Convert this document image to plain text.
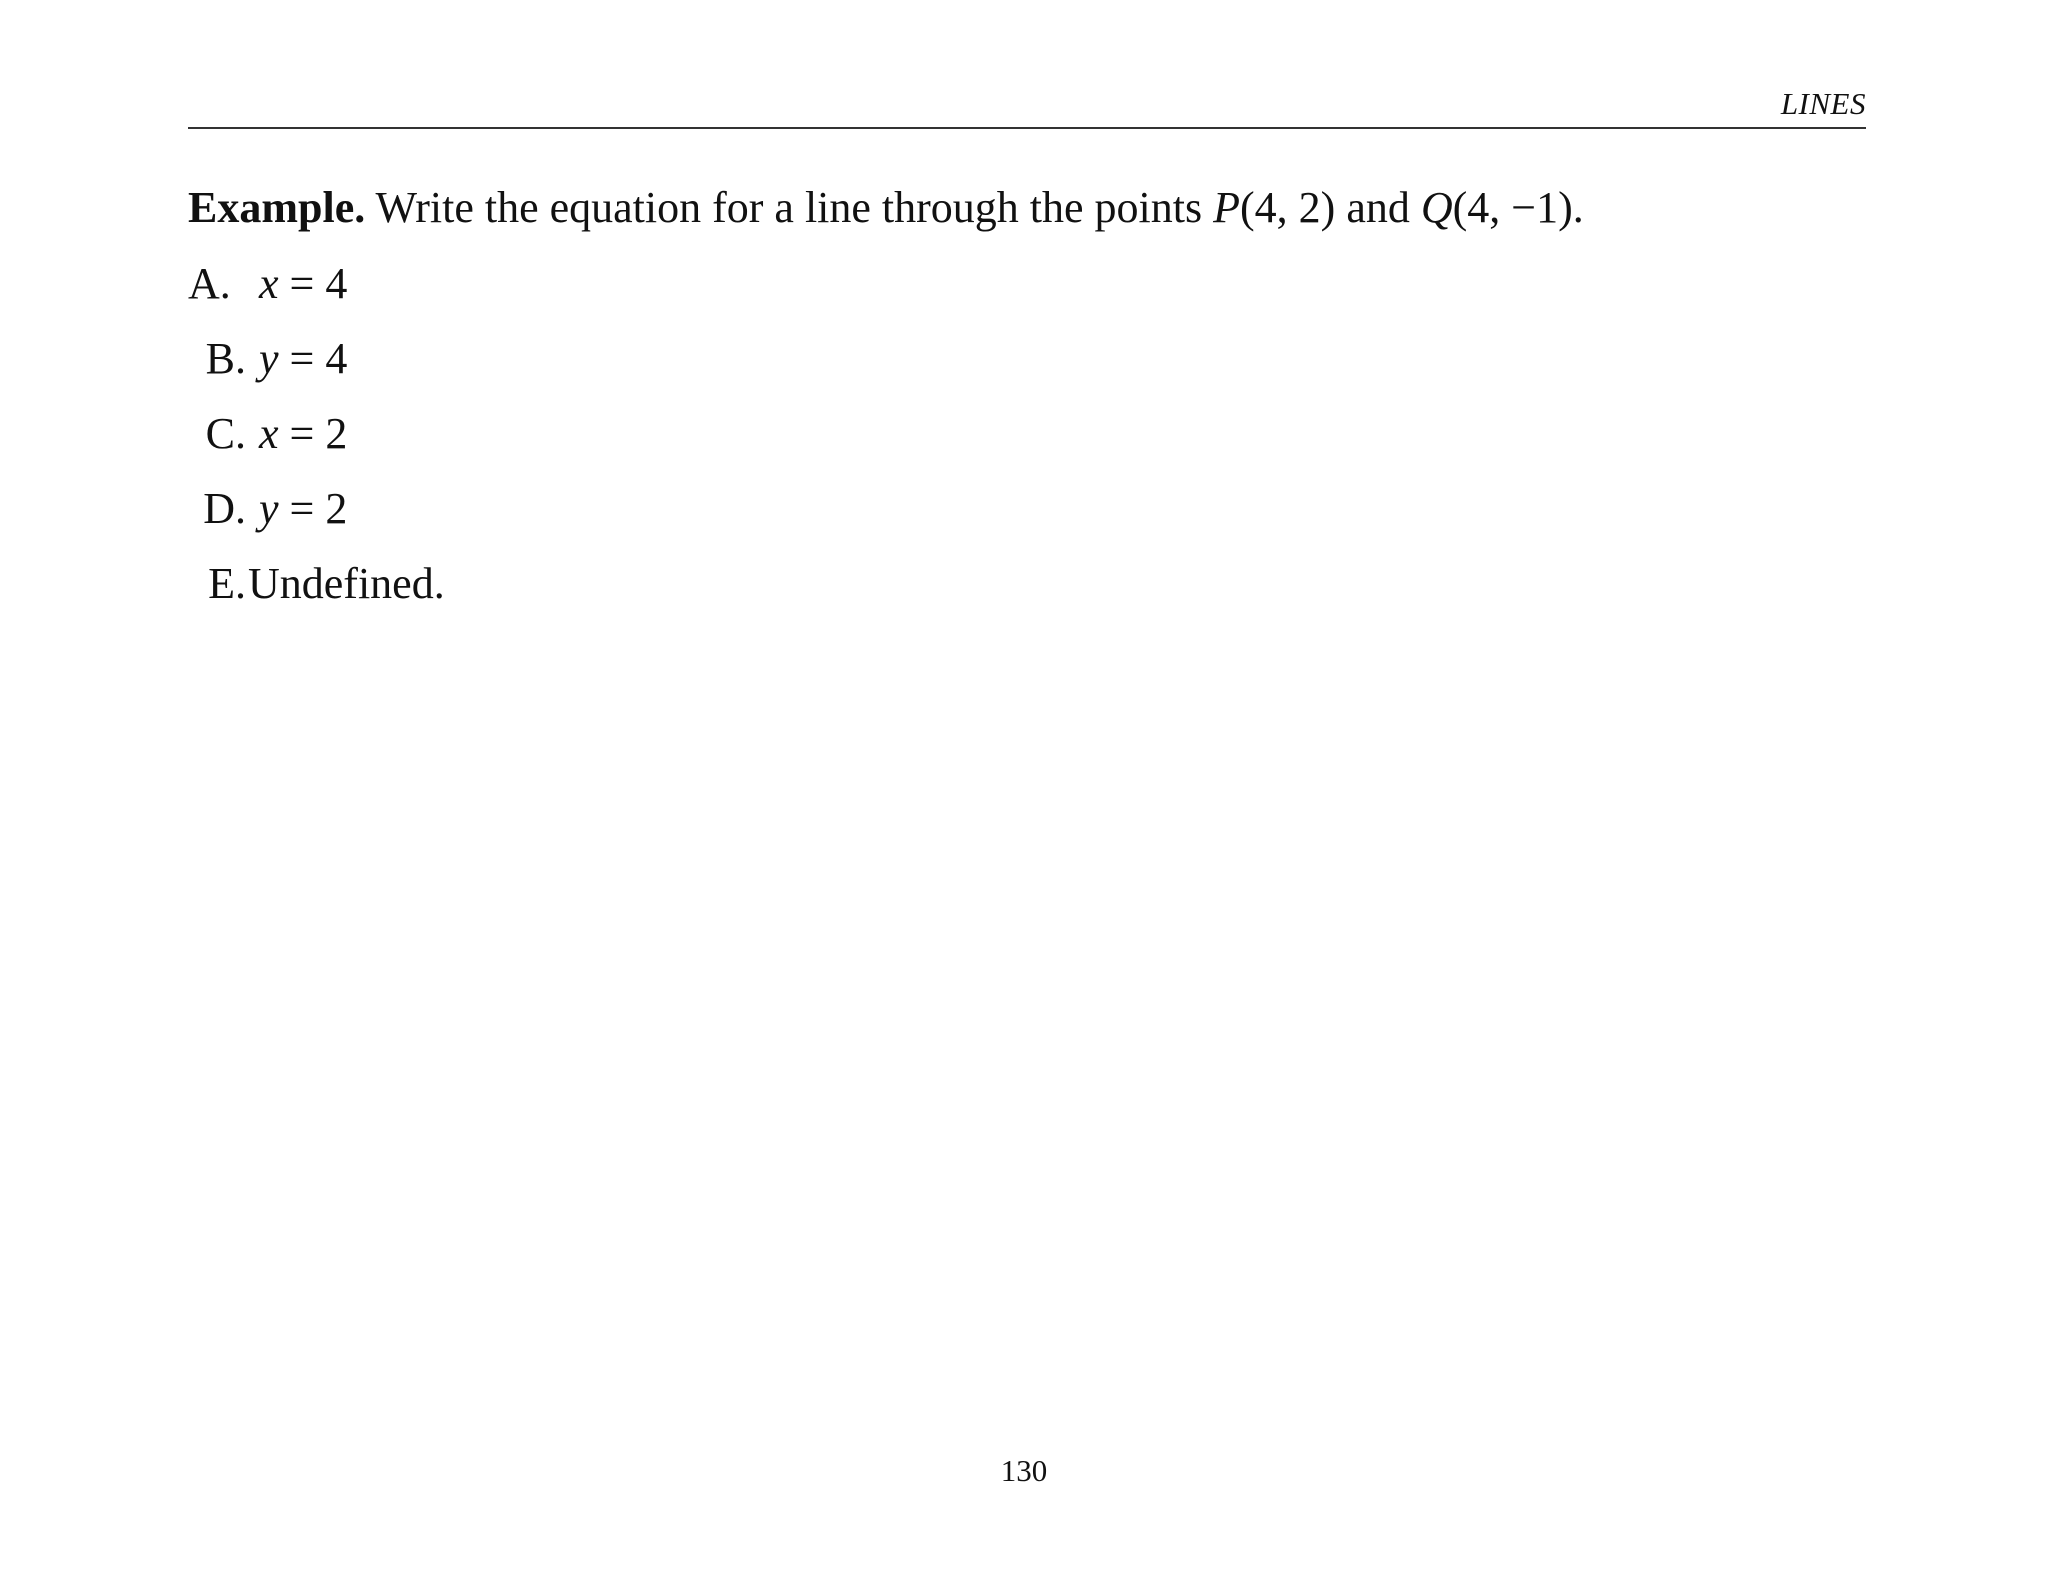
LINES
Example. Write the equation for a line through the points P(4, 2) and Q(4, −1).
A. x = 4
B. y = 4
C. x = 2
D. y = 2
E.Undefined.
130
